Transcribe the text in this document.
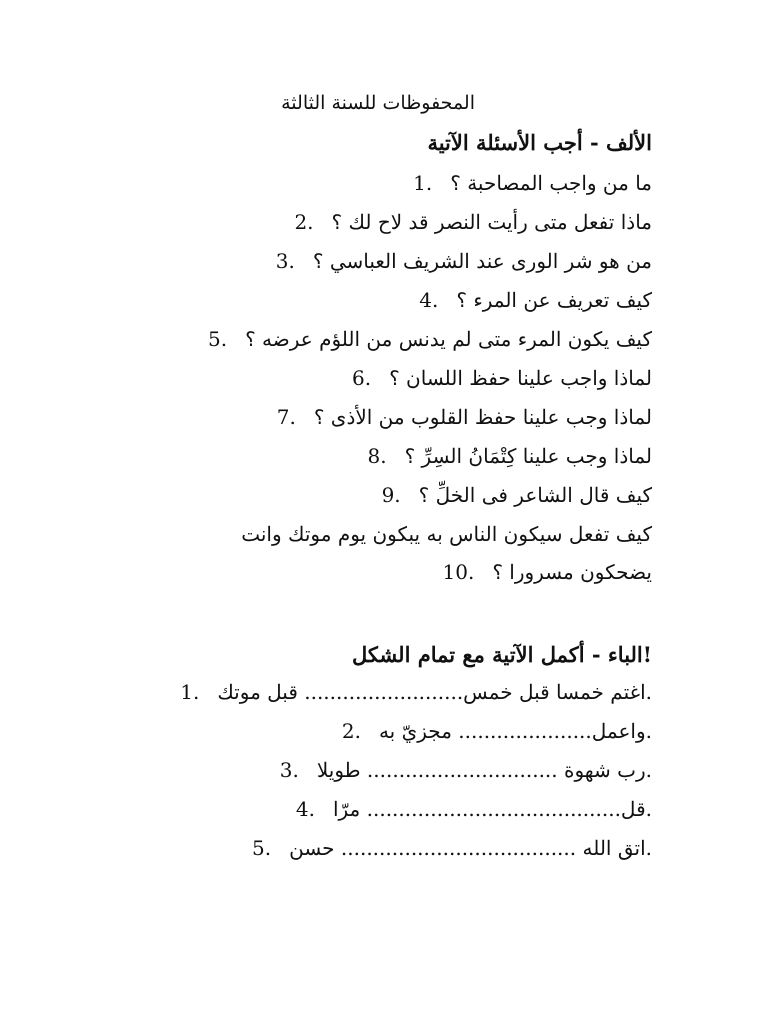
المحفوظات للسنة الثالثة
الألف - أجب الأسئلة الآتية
ما من واجب المصاحبة ؟1.
ماذا تفعل متى رأيت النصر قد لاح لك ؟2.
من هو شر الورى عند الشريف العباسي ؟3.
كيف تعريف عن المرء ؟4.
كيف يكون المرء متى لم يدنس من اللؤم عرضه ؟5.
لماذا واجب علينا حفظ اللسان ؟6.
لماذا وجب علينا حفظ القلوب من الأذى ؟7.
لماذا وجب علينا كِتْمَانُ السِرِّ ؟8.
كيف قال الشاعر فى الخلِّ ؟9.
كيف تفعل سيكون الناس به يبكون يوم موتك وانت يضحكون مسرورا ؟10.
!الباء - أكمل الآتية مع تمام الشكل
.اغتم خمسا قبل خمس......................... قبل موتك1.
.واعمل..................... مجزيّ به2.
.رب شهوة .............................. طويلا3.
.قل........................................ مرّا4.
.اتق الله ..................................... حسن5.
